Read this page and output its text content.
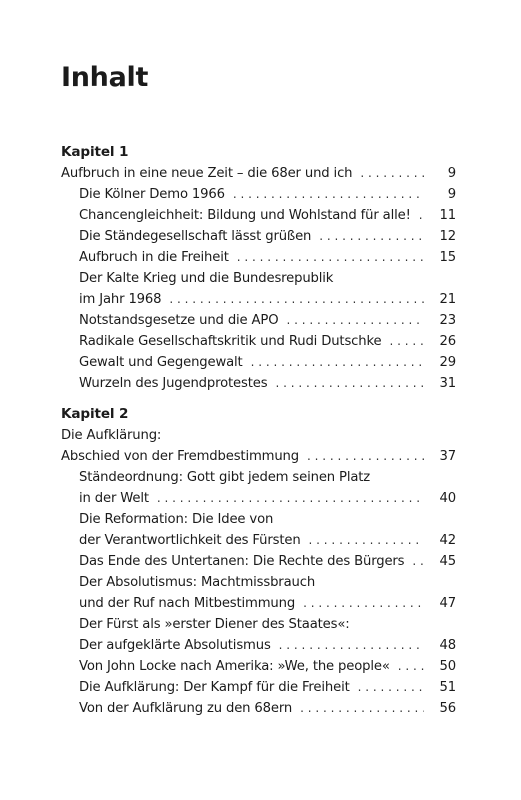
Inhalt
Kapitel 1
Aufbruch in eine neue Zeit – die 68er und ich . . .	9
Die Kölner Demo 1966 . . .	9
Chancengleichheit: Bildung und Wohlstand für alle! . . .	11
Die Ständegesellschaft lässt grüßen . . .	12
Aufbruch in die Freiheit . . .	15
Der Kalte Krieg und die Bundesrepublik
im Jahr 1968 . . .	21
Notstandsgesetze und die APO . . .	23
Radikale Gesellschaftskritik und Rudi Dutschke . . .	26
Gewalt und Gegengewalt . . .	29
Wurzeln des Jugendprotestes . . .	31
Kapitel 2
Die Aufklärung:
Abschied von der Fremdbestimmung . . .	37
Ständeordnung: Gott gibt jedem seinen Platz
in der Welt . . .	40
Die Reformation: Die Idee von
der Verantwortlichkeit des Fürsten . . .	42
Das Ende des Untertanen: Die Rechte des Bürgers . . .	45
Der Absolutismus: Machtmissbrauch
und der Ruf nach Mitbestimmung . . .	47
Der Fürst als »erster Diener des Staates«:
Der aufgeklärte Absolutismus . . .	48
Von John Locke nach Amerika: »We, the people« . . .	50
Die Aufklärung: Der Kampf für die Freiheit . . .	51
Von der Aufklärung zu den 68ern . . .	56
